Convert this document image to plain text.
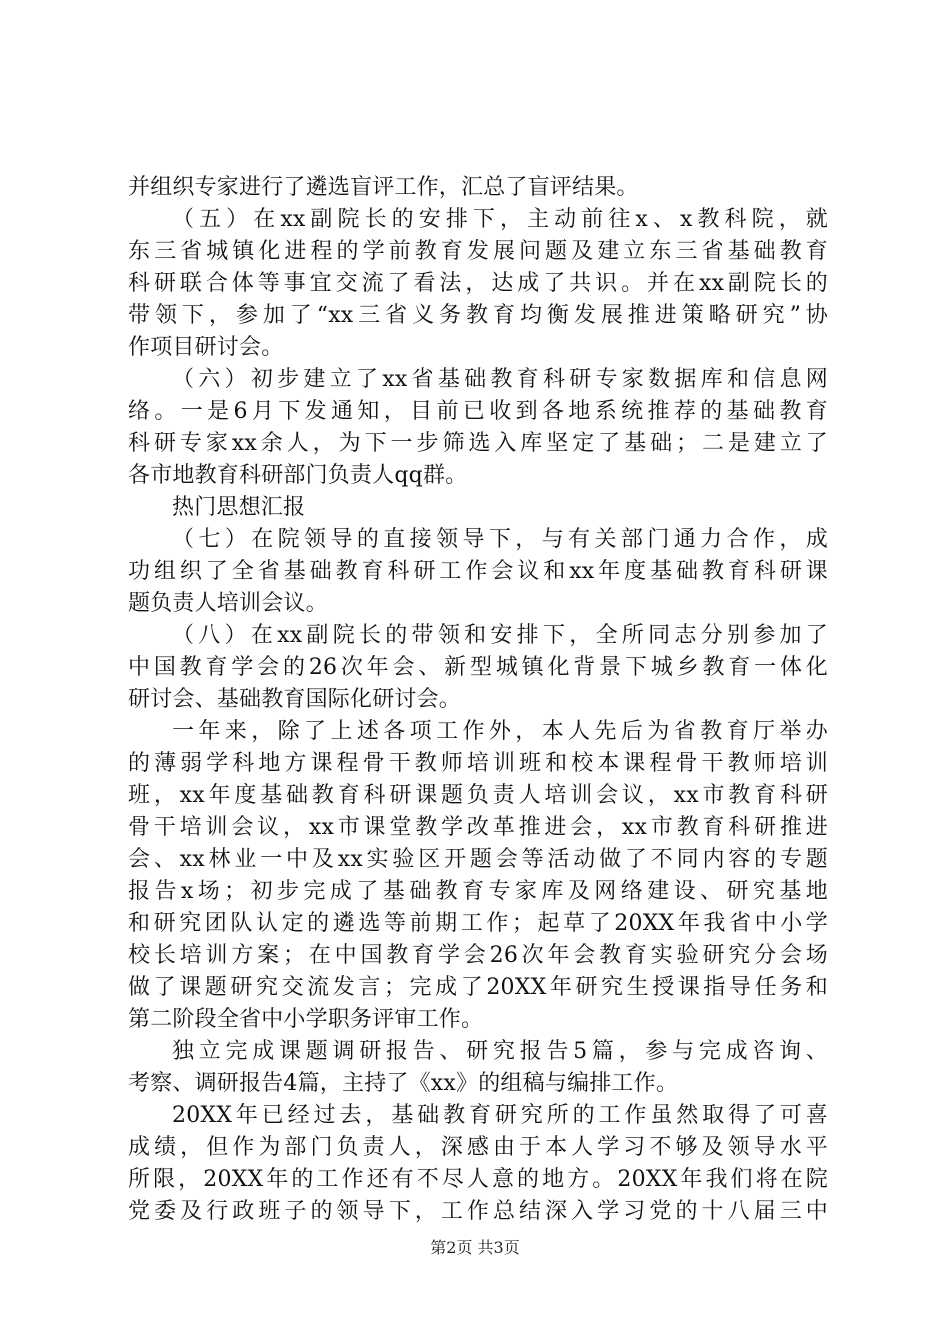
并组织专家进行了遴选盲评工作，汇总了盲评结果。
（五）在xx副院长的安排下，主动前往x、x教科院，就
东三省城镇化进程的学前教育发展问题及建立东三省基础教育
科研联合体等事宜交流了看法，达成了共识。并在xx副院长的
带领下，参加了“xx三省义务教育均衡发展推进策略研究”协
作项目研讨会。
（六）初步建立了xx省基础教育科研专家数据库和信息网
络。一是6月下发通知，目前已收到各地系统推荐的基础教育
科研专家xx余人，为下一步筛选入库坚定了基础；二是建立了
各市地教育科研部门负责人qq群。
热门思想汇报
（七）在院领导的直接领导下，与有关部门通力合作，成
功组织了全省基础教育科研工作会议和xx年度基础教育科研课
题负责人培训会议。
（八）在xx副院长的带领和安排下，全所同志分别参加了
中国教育学会的26次年会、新型城镇化背景下城乡教育一体化
研讨会、基础教育国际化研讨会。
一年来，除了上述各项工作外，本人先后为省教育厅举办
的薄弱学科地方课程骨干教师培训班和校本课程骨干教师培训
班，xx年度基础教育科研课题负责人培训会议，xx市教育科研
骨干培训会议，xx市课堂教学改革推进会，xx市教育科研推进
会、xx林业一中及xx实验区开题会等活动做了不同内容的专题
报告x场；初步完成了基础教育专家库及网络建设、研究基地
和研究团队认定的遴选等前期工作；起草了20XX年我省中小学
校长培训方案；在中国教育学会26次年会教育实验研究分会场
做了课题研究交流发言；完成了20XX年研究生授课指导任务和
第二阶段全省中小学职务评审工作。
独立完成课题调研报告、研究报告5篇，参与完成咨询、
考察、调研报告4篇，主持了《xx》的组稿与编排工作。
20XX年已经过去，基础教育研究所的工作虽然取得了可喜
成绩，但作为部门负责人，深感由于本人学习不够及领导水平
所限，20XX年的工作还有不尽人意的地方。20XX年我们将在院
党委及行政班子的领导下，工作总结深入学习党的十八届三中
第2页 共3页
